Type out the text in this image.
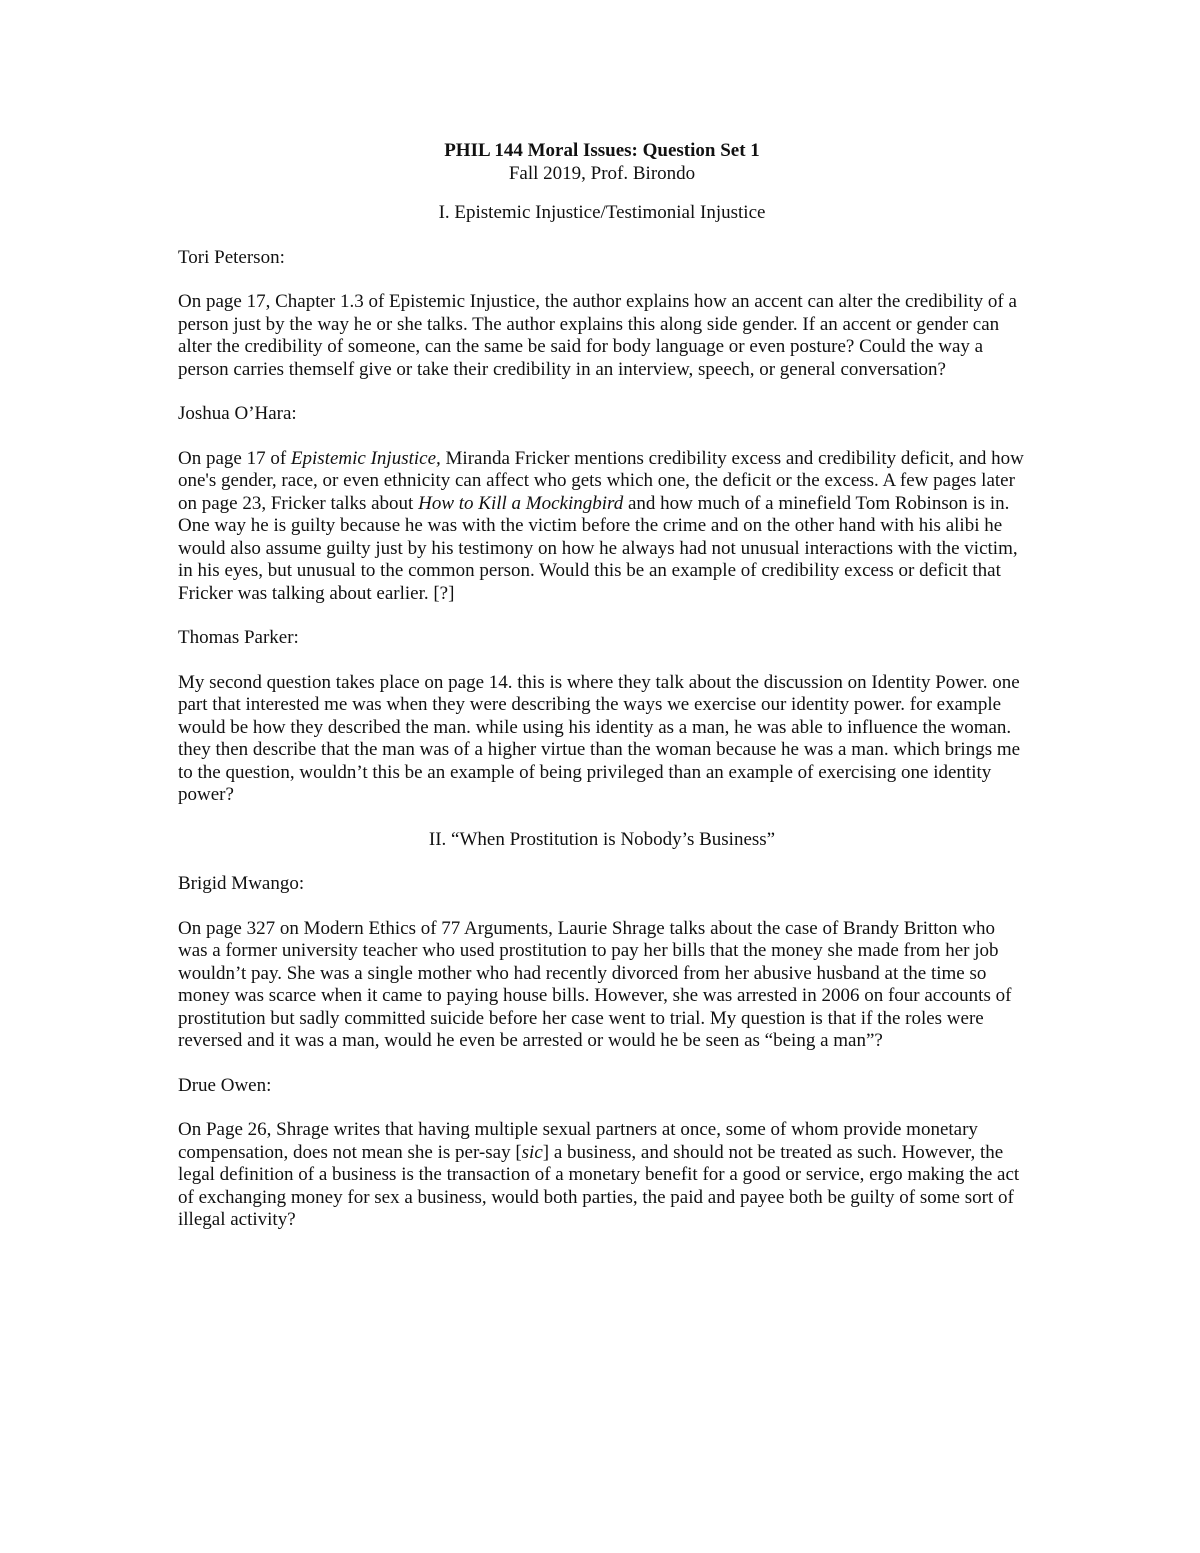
PHIL 144 Moral Issues: Question Set 1

Fall 2019, Prof. Birondo

I. Epistemic Injustice/Testimonial Injustice

Tori Peterson:

On page 17, Chapter 1.3 of Epistemic Injustice, the author explains how an accent can alter the credibility of a person just by the way he or she talks. The author explains this along side gender. If an accent or gender can alter the credibility of someone, can the same be said for body language or even posture? Could the way a person carries themself give or take their credibility in an interview, speech, or general conversation?

Joshua O’Hara:

On page 17 of Epistemic Injustice, Miranda Fricker mentions credibility excess and credibility deficit, and how one's gender, race, or even ethnicity can affect who gets which one, the deficit or the excess. A few pages later on page 23, Fricker talks about How to Kill a Mockingbird and how much of a minefield Tom Robinson is in. One way he is guilty because he was with the victim before the crime and on the other hand with his alibi he would also assume guilty just by his testimony on how he always had not unusual interactions with the victim, in his eyes, but unusual to the common person. Would this be an example of credibility excess or deficit that Fricker was talking about earlier. [?]

Thomas Parker:

My second question takes place on page 14. this is where they talk about the discussion on Identity Power. one part that interested me was when they were describing the ways we exercise our identity power. for example would be how they described the man. while using his identity as a man, he was able to influence the woman. they then describe that the man was of a higher virtue than the woman because he was a man. which brings me to the question, wouldn’t this be an example of being privileged than an example of exercising one identity power?

II. “When Prostitution is Nobody’s Business”

Brigid Mwango:

On page 327 on Modern Ethics of 77 Arguments, Laurie Shrage talks about the case of Brandy Britton who was a former university teacher who used prostitution to pay her bills that the money she made from her job wouldn’t pay. She was a single mother who had recently divorced from her abusive husband at the time so money was scarce when it came to paying house bills. However, she was arrested in 2006 on four accounts of prostitution but sadly committed suicide before her case went to trial. My question is that if the roles were reversed and it was a man, would he even be arrested or would he be seen as “being a man”?

Drue Owen:

On Page 26, Shrage writes that having multiple sexual partners at once, some of whom provide monetary compensation, does not mean she is per-say [sic] a business, and should not be treated as such. However, the legal definition of a business is the transaction of a monetary benefit for a good or service, ergo making the act of exchanging money for sex a business, would both parties, the paid and payee both be guilty of some sort of illegal activity?
